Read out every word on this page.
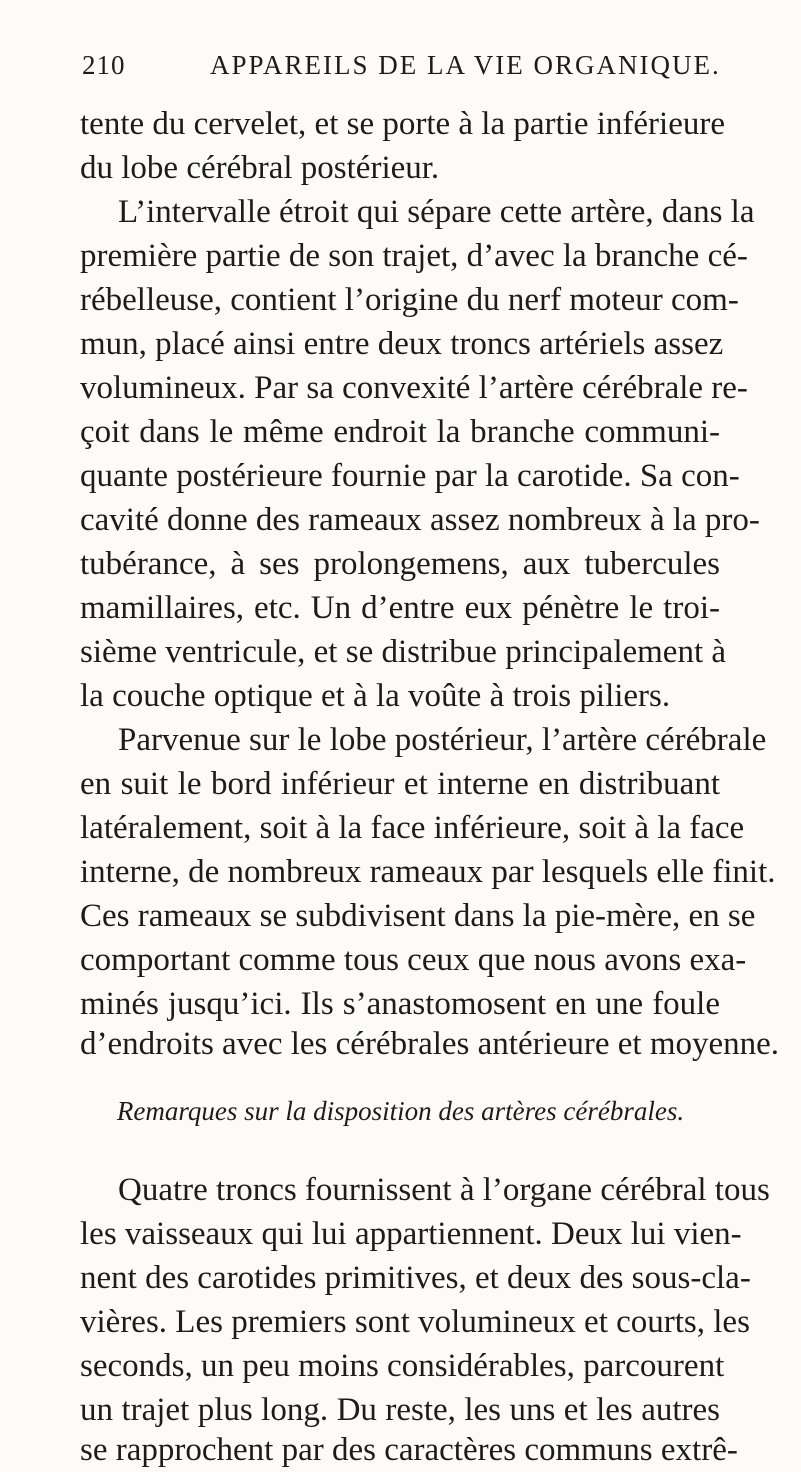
210	APPAREILS DE LA VIE ORGANIQUE.
tente du cervelet, et se porte à la partie inférieure
du lobe cérébral postérieur.
L’intervalle étroit qui sépare cette artère, dans la
première partie de son trajet, d’avec la branche cé-
rébelleuse, contient l’origine du nerf moteur com-
mun, placé ainsi entre deux troncs artériels assez
volumineux. Par sa convexité l’artère cérébrale re-
çoit dans le même endroit la branche communi-
quante postérieure fournie par la carotide. Sa con-
cavité donne des rameaux assez nombreux à la pro-
tubérance, à ses prolongemens, aux tubercules
mamillaires, etc. Un d’entre eux pénètre le troi-
sième ventricule, et se distribue principalement à
la couche optique et à la voûte à trois piliers.
Parvenue sur le lobe postérieur, l’artère cérébrale
en suit le bord inférieur et interne en distribuant
latéralement, soit à la face inférieure, soit à la face
interne, de nombreux rameaux par lesquels elle finit.
Ces rameaux se subdivisent dans la pie-mère, en se
comportant comme tous ceux que nous avons exa-
minés jusqu’ici. Ils s’anastomosent en une foule
d’endroits avec les cérébrales antérieure et moyenne.
Remarques sur la disposition des artères cérébrales.
Quatre troncs fournissent à l’organe cérébral tous
les vaisseaux qui lui appartiennent. Deux lui vien-
nent des carotides primitives, et deux des sous-cla-
vières. Les premiers sont volumineux et courts, les
seconds, un peu moins considérables, parcourent
un trajet plus long. Du reste, les uns et les autres
se rapprochent par des caractères communs extrê-
